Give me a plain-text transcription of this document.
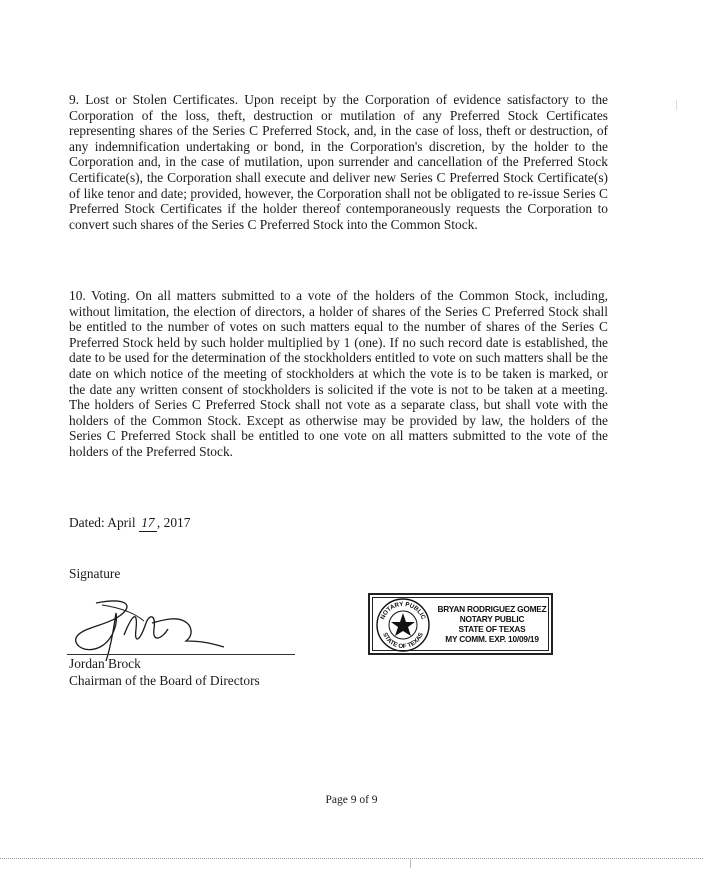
9. Lost or Stolen Certificates. Upon receipt by the Corporation of evidence satisfactory to the Corporation of the loss, theft, destruction or mutilation of any Preferred Stock Certificates representing shares of the Series C Preferred Stock, and, in the case of loss, theft or destruction, of any indemnification undertaking or bond, in the Corporation's discretion, by the holder to the Corporation and, in the case of mutilation, upon surrender and cancellation of the Preferred Stock Certificate(s), the Corporation shall execute and deliver new Series C Preferred Stock Certificate(s) of like tenor and date; provided, however, the Corporation shall not be obligated to re-issue Series C Preferred Stock Certificates if the holder thereof contemporaneously requests the Corporation to convert such shares of the Series C Preferred Stock into the Common Stock.

10. Voting. On all matters submitted to a vote of the holders of the Common Stock, including, without limitation, the election of directors, a holder of shares of the Series C Preferred Stock shall be entitled to the number of votes on such matters equal to the number of shares of the Series C Preferred Stock held by such holder multiplied by 1 (one). If no such record date is established, the date to be used for the determination of the stockholders entitled to vote on such matters shall be the date on which notice of the meeting of stockholders at which the vote is to be taken is marked, or the date any written consent of stockholders is solicited if the vote is not to be taken at a meeting. The holders of Series C Preferred Stock shall not vote as a separate class, but shall vote with the holders of the Common Stock. Except as otherwise may be provided by law, the holders of the Series C Preferred Stock shall be entitled to one vote on all matters submitted to the vote of the holders of the Preferred Stock.

Dated: April 17 , 2017
Signature
Jordan Brock
Chairman of the Board of Directors
NOTARY PUBLIC
STATE OF TEXAS
BRYAN RODRIGUEZ GOMEZ
NOTARY PUBLIC
STATE OF TEXAS
MY COMM. EXP. 10/09/19
Page 9 of 9
